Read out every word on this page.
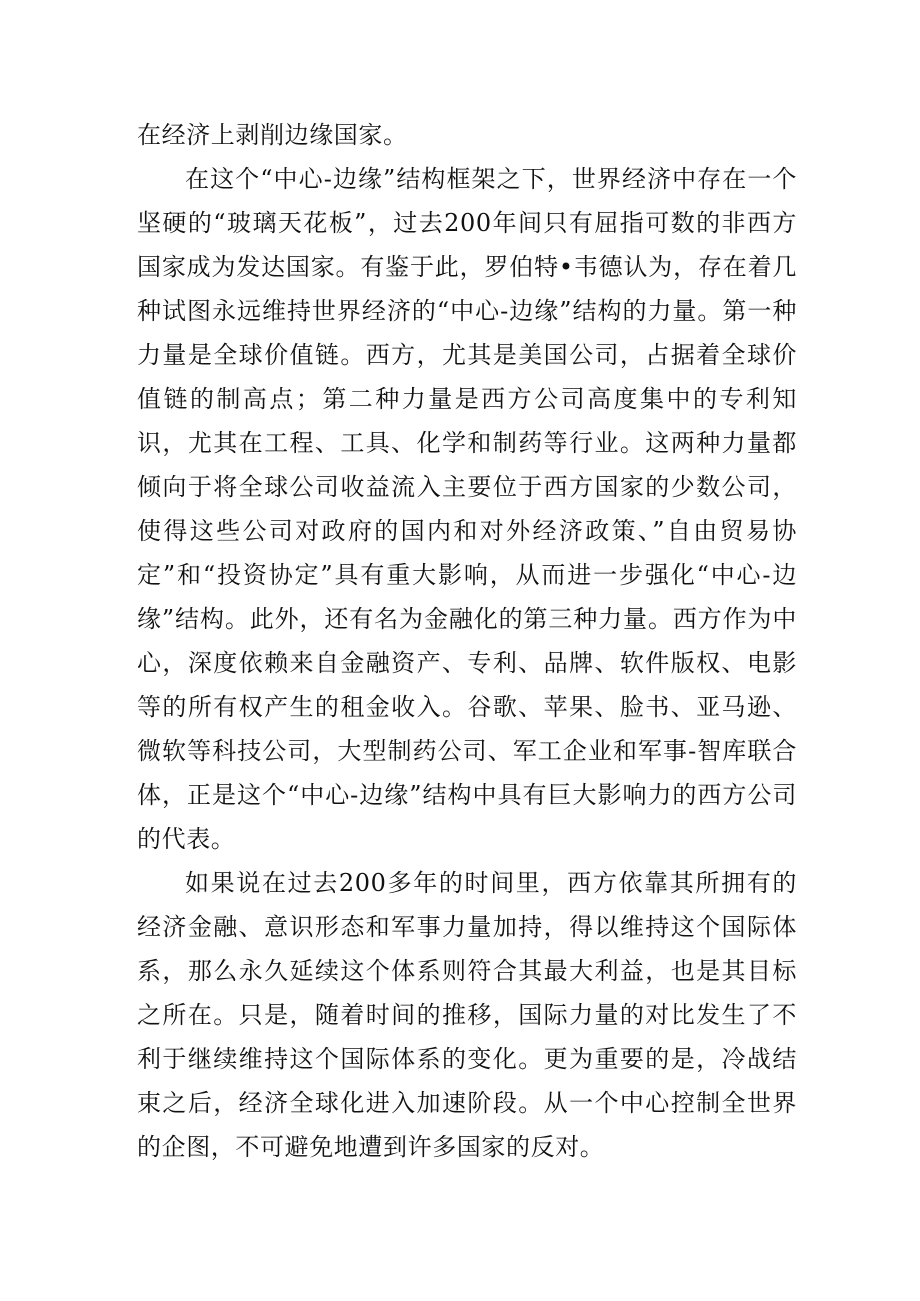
在经济上剥削边缘国家。

在这个“中心-边缘”结构框架之下，世界经济中存在一个坚硬的“玻璃天花板”，过去200年间只有屈指可数的非西方国家成为发达国家。有鉴于此，罗伯特•韦德认为，存在着几种试图永远维持世界经济的“中心-边缘”结构的力量。第一种力量是全球价值链。西方，尤其是美国公司，占据着全球价值链的制高点；第二种力量是西方公司高度集中的专利知识，尤其在工程、工具、化学和制药等行业。这两种力量都倾向于将全球公司收益流入主要位于西方国家的少数公司，使得这些公司对政府的国内和对外经济政策、”自由贸易协定”和“投资协定”具有重大影响，从而进一步强化“中心-边缘”结构。此外，还有名为金融化的第三种力量。西方作为中心，深度依赖来自金融资产、专利、品牌、软件版权、电影等的所有权产生的租金收入。谷歌、苹果、脸书、亚马逊、微软等科技公司，大型制药公司、军工企业和军事-智库联合体，正是这个“中心-边缘”结构中具有巨大影响力的西方公司的代表。

如果说在过去200多年的时间里，西方依靠其所拥有的经济金融、意识形态和军事力量加持，得以维持这个国际体系，那么永久延续这个体系则符合其最大利益，也是其目标之所在。只是，随着时间的推移，国际力量的对比发生了不利于继续维持这个国际体系的变化。更为重要的是，冷战结束之后，经济全球化进入加速阶段。从一个中心控制全世界的企图，不可避免地遭到许多国家的反对。
